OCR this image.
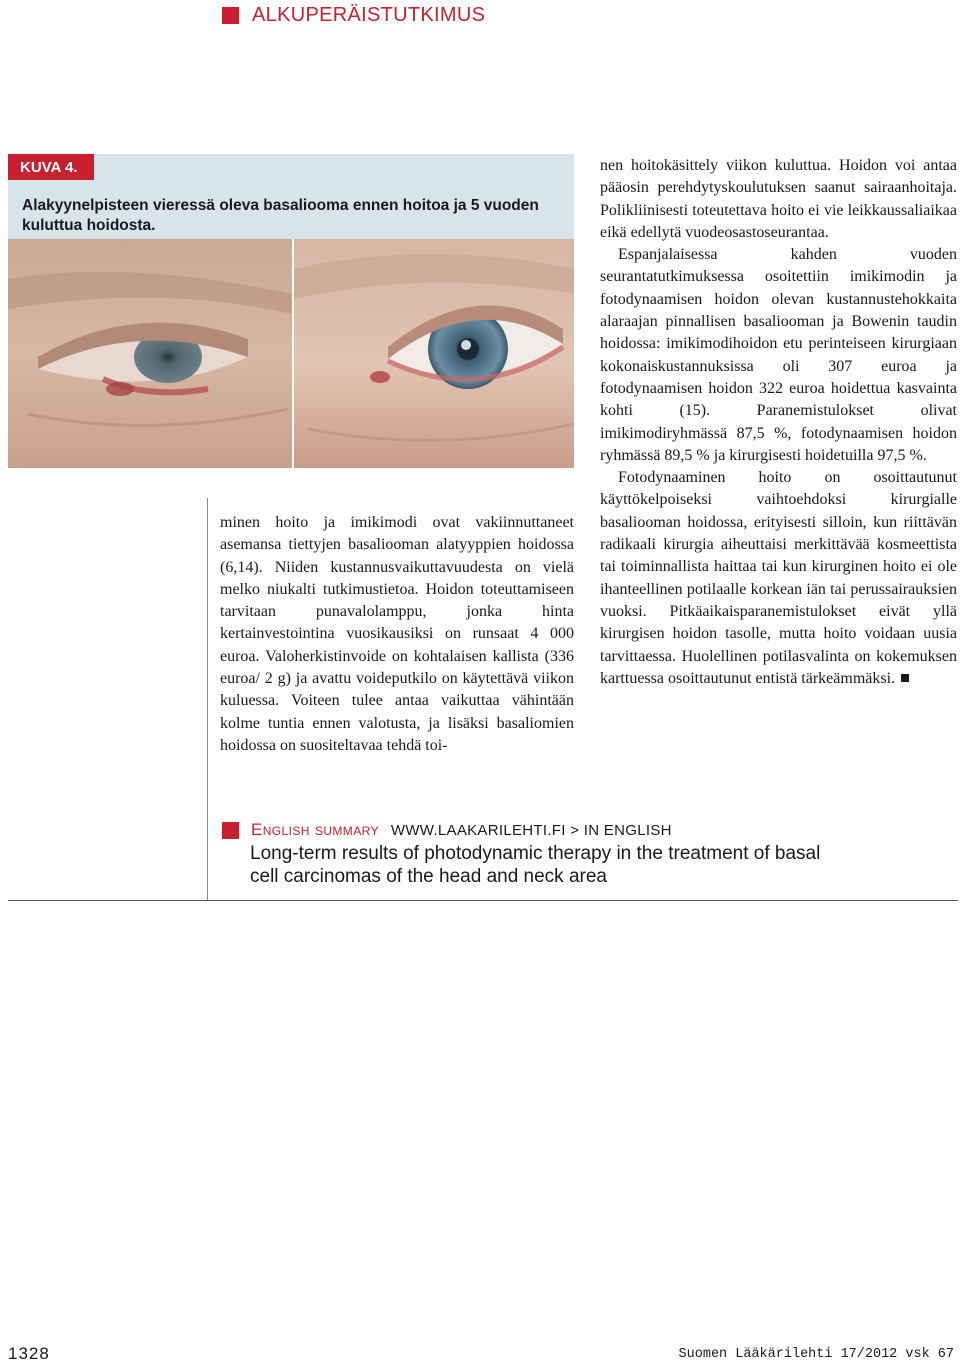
ALKUPERÄISTUTKIMUS
KUVA 4.
Alakyynelpisteen vieressä oleva basaliooma ennen hoitoa ja 5 vuoden kuluttua hoidosta.

minen hoito ja imikimodi ovat vakiinnuttaneet asemansa tiettyjen basaliooman alatyyppien hoidossa (6,14). Niiden kustannusvaikuttavuudesta on vielä melko niukalti tutkimustietoa. Hoidon toteuttamiseen tarvitaan punavalolamppu, jonka hinta kertainvestointina vuosikausiksi on runsaat 4 000 euroa. Valoherkistinvoide on kohtalaisen kallista (336 euroa/ 2 g) ja avattu voideputkilo on käytettävä viikon kuluessa. Voiteen tulee antaa vaikuttaa vähintään kolme tuntia ennen valotusta, ja lisäksi basaliomien hoidossa on suositeltavaa tehdä toi-

nen hoitokäsittely viikon kuluttua. Hoidon voi antaa pääosin perehdytyskoulutuksen saanut sairaanhoitaja. Polikliinisesti toteutettava hoito ei vie leikkaussaliaikaa eikä edellytä vuodeosastoseurantaa.

Espanjalaisessa kahden vuoden seurantatutkimuksessa osoitettiin imikimodin ja fotodynaamisen hoidon olevan kustannustehokkaita alaraajan pinnallisen basaliooman ja Bowenin taudin hoidossa: imikimodihoidon etu perinteiseen kirurgiaan kokonaiskustannuksissa oli 307 euroa ja fotodynaamisen hoidon 322 euroa hoidettua kasvainta kohti (15). Paranemistulokset olivat imikimodiryhmässä 87,5 %, fotodynaamisen hoidon ryhmässä 89,5 % ja kirurgisesti hoidetuilla 97,5 %.

Fotodynaaminen hoito on osoittautunut käyttökelpoiseksi vaihtoehdoksi kirurgialle basaliooman hoidossa, erityisesti silloin, kun riittävän radikaali kirurgia aiheuttaisi merkittävää kosmeettista tai toiminnallista haittaa tai kun kirurginen hoito ei ole ihanteellinen potilaalle korkean iän tai perussairauksien vuoksi. Pitkäaikaisparanemistulokset eivät yllä kirurgisen hoidon tasolle, mutta hoito voidaan uusia tarvittaessa. Huolellinen potilasvalinta on kokemuksen karttuessa osoittautunut entistä tärkeämmäksi.

English summary WWW.LAAKARILEHTI.FI > IN ENGLISH
Long-term results of photodynamic therapy in the treatment of basal cell carcinomas of the head and neck area
1328	Suomen Lääkärilehti 17/2012 vsk 67
